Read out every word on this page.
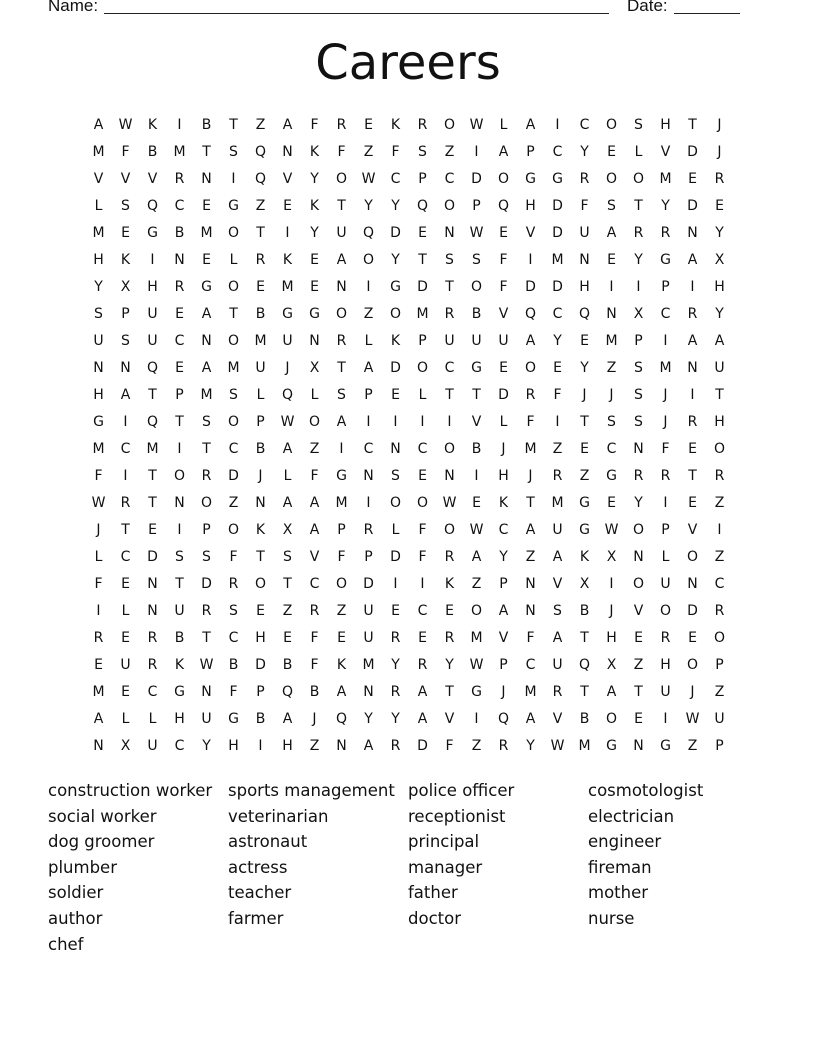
Name:	Date:
Careers
A	W	K	I	B	T	Z	A	F	R	E	K	R	O	W	L	A	I	C	O	S	H	T	J
M	F	B	M	T	S	Q	N	K	F	Z	F	S	Z	I	A	P	C	Y	E	L	V	D	J
V	V	V	R	N	I	Q	V	Y	O	W	C	P	C	D	O	G	G	R	O	O	M	E	R
L	S	Q	C	E	G	Z	E	K	T	Y	Y	Q	O	P	Q	H	D	F	S	T	Y	D	E
M	E	G	B	M	O	T	I	Y	U	Q	D	E	N	W	E	V	D	U	A	R	R	N	Y
H	K	I	N	E	L	R	K	E	A	O	Y	T	S	S	F	I	M	N	E	Y	G	A	X
Y	X	H	R	G	O	E	M	E	N	I	G	D	T	O	F	D	D	H	I	I	P	I	H
S	P	U	E	A	T	B	G	G	O	Z	O	M	R	B	V	Q	C	Q	N	X	C	R	Y
U	S	U	C	N	O	M	U	N	R	L	K	P	U	U	U	A	Y	E	M	P	I	A	A
N	N	Q	E	A	M	U	J	X	T	A	D	O	C	G	E	O	E	Y	Z	S	M	N	U
H	A	T	P	M	S	L	Q	L	S	P	E	L	T	T	D	R	F	J	J	S	J	I	T
G	I	Q	T	S	O	P	W	O	A	I	I	I	I	V	L	F	I	T	S	S	J	R	H
M	C	M	I	T	C	B	A	Z	I	C	N	C	O	B	J	M	Z	E	C	N	F	E	O
F	I	T	O	R	D	J	L	F	G	N	S	E	N	I	H	J	R	Z	G	R	R	T	R
W	R	T	N	O	Z	N	A	A	M	I	O	O	W	E	K	T	M	G	E	Y	I	E	Z
J	T	E	I	P	O	K	X	A	P	R	L	F	O	W	C	A	U	G	W	O	P	V	I
L	C	D	S	S	F	T	S	V	F	P	D	F	R	A	Y	Z	A	K	X	N	L	O	Z
F	E	N	T	D	R	O	T	C	O	D	I	I	K	Z	P	N	V	X	I	O	U	N	C
I	L	N	U	R	S	E	Z	R	Z	U	E	C	E	O	A	N	S	B	J	V	O	D	R
R	E	R	B	T	C	H	E	F	E	U	R	E	R	M	V	F	A	T	H	E	R	E	O
E	U	R	K	W	B	D	B	F	K	M	Y	R	Y	W	P	C	U	Q	X	Z	H	O	P
M	E	C	G	N	F	P	Q	B	A	N	R	A	T	G	J	M	R	T	A	T	U	J	Z
A	L	L	H	U	G	B	A	J	Q	Y	Y	A	V	I	Q	A	V	B	O	E	I	W	U
N	X	U	C	Y	H	I	H	Z	N	A	R	D	F	Z	R	Y	W	M	G	N	G	Z	P
construction worker
social worker
dog groomer
plumber
soldier
author
chef
sports management
veterinarian
astronaut
actress
teacher
farmer
police officer
receptionist
principal
manager
father
doctor
cosmotologist
electrician
engineer
fireman
mother
nurse
